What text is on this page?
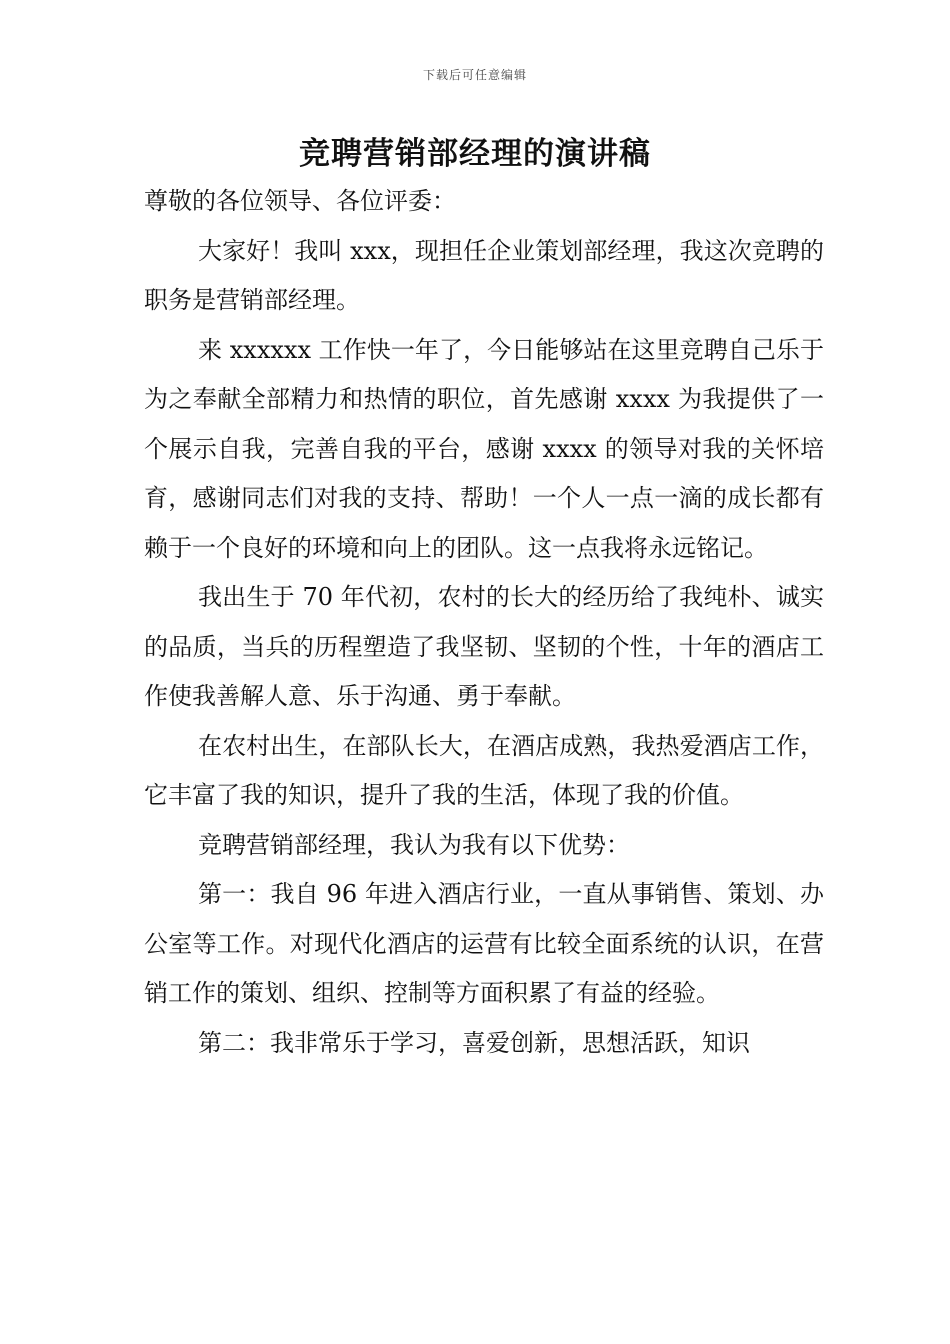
下载后可任意编辑
竞聘营销部经理的演讲稿

尊敬的各位领导、各位评委：

大家好！我叫 xxx，现担任企业策划部经理，我这次竞聘的职务是营销部经理。

来 xxxxxx 工作快一年了，今日能够站在这里竞聘自己乐于为之奉献全部精力和热情的职位，首先感谢 xxxx 为我提供了一个展示自我，完善自我的平台，感谢 xxxx 的领导对我的关怀培育，感谢同志们对我的支持、帮助！一个人一点一滴的成长都有赖于一个良好的环境和向上的团队。这一点我将永远铭记。

我出生于 70 年代初，农村的长大的经历给了我纯朴、诚实的品质，当兵的历程塑造了我坚韧、坚韧的个性，十年的酒店工作使我善解人意、乐于沟通、勇于奉献。

在农村出生，在部队长大，在酒店成熟，我热爱酒店工作，它丰富了我的知识，提升了我的生活，体现了我的价值。

竞聘营销部经理，我认为我有以下优势：

第一：我自 96 年进入酒店行业，一直从事销售、策划、办公室等工作。对现代化酒店的运营有比较全面系统的认识，在营销工作的策划、组织、控制等方面积累了有益的经验。

第二：我非常乐于学习，喜爱创新，思想活跃，知识
